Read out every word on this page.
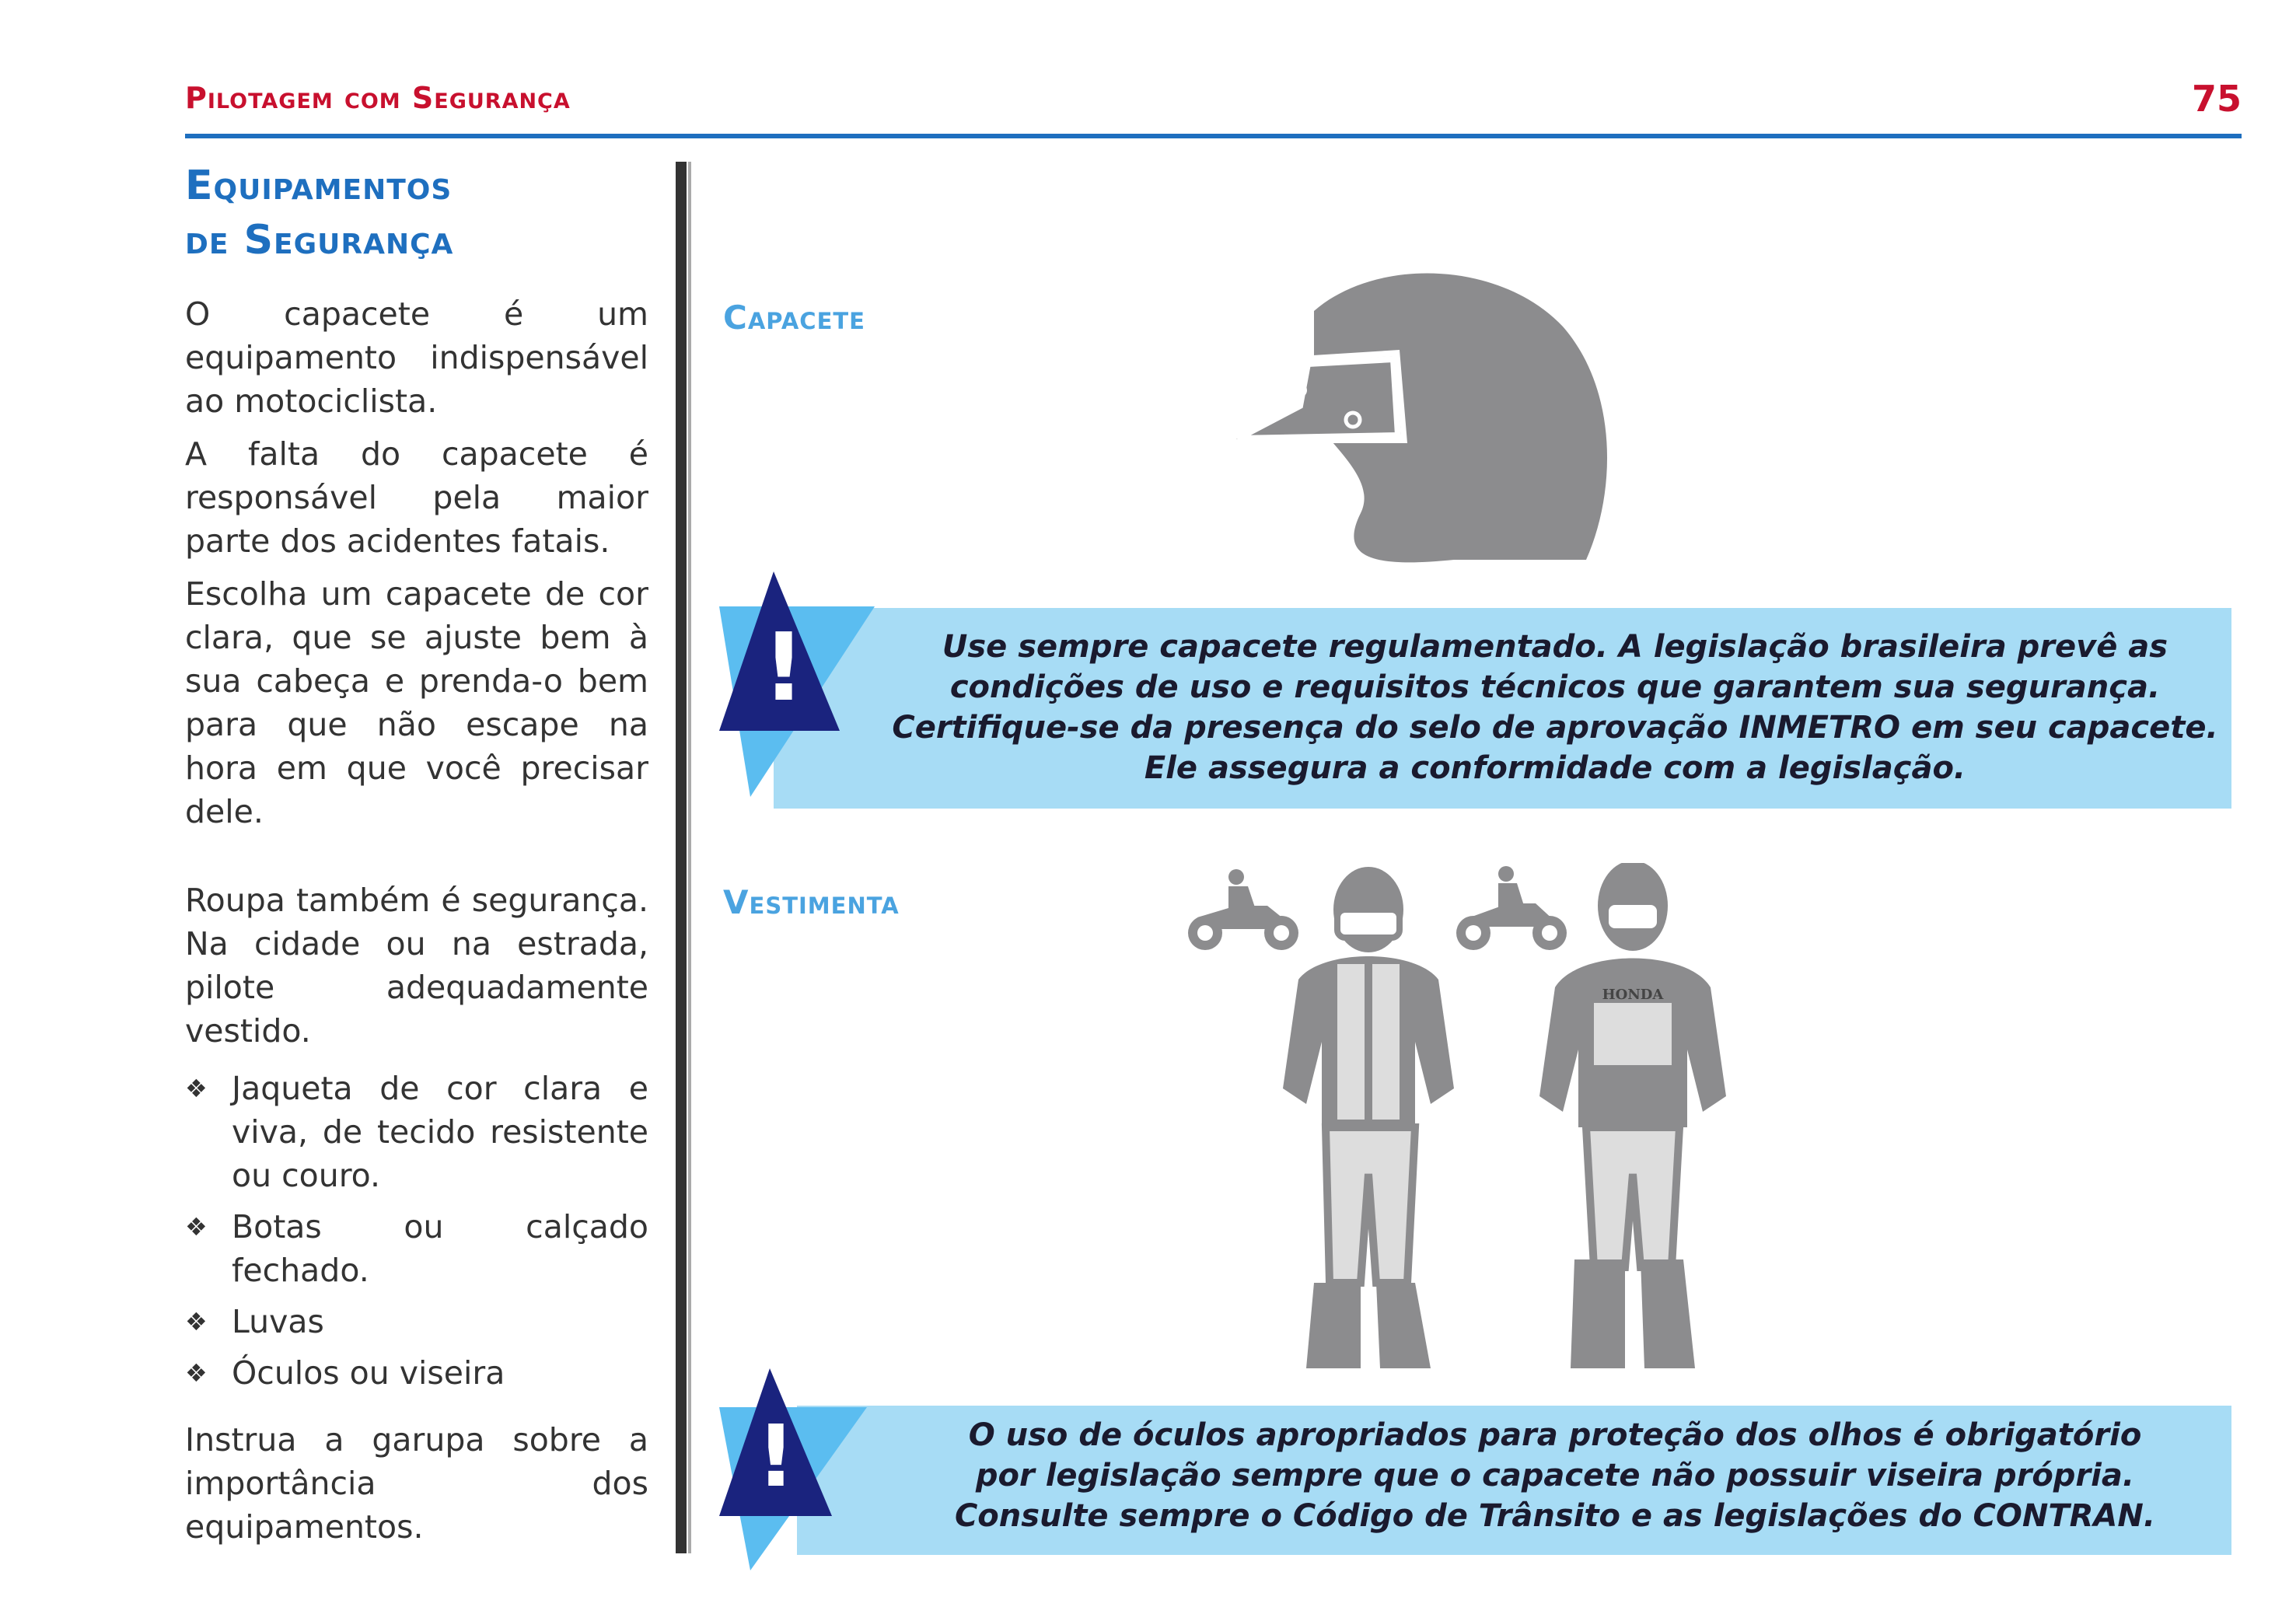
Pilotagem com Segurança	75
Equipamentos
de Segurança

O capacete é um equipamento indispensável ao motociclista.

A falta do capacete é responsável pela maior parte dos acidentes fatais.

Escolha um capacete de cor clara, que se ajuste bem à sua cabeça e prenda-o bem para que não escape na hora em que você precisar dele.

Roupa também é segurança. Na cidade ou na estrada, pilote adequadamente vestido.

❖ Jaqueta de cor clara e viva, de tecido resistente ou couro.
❖ Botas ou calçado fechado.
❖ Luvas
❖ Óculos ou viseira

Instrua a garupa sobre a importância dos equipamentos.

Capacete
!	Use sempre capacete regulamentado. A legislação brasileira prevê as
condições de uso e requisitos técnicos que garantem sua segurança.
Certifique-se da presença do selo de aprovação INMETRO em seu capacete.
Ele assegura a conformidade com a legislação.
Vestimenta
HONDA
!	O uso de óculos apropriados para proteção dos olhos é obrigatório
por legislação sempre que o capacete não possuir viseira própria.
Consulte sempre o Código de Trânsito e as legislações do CONTRAN.
